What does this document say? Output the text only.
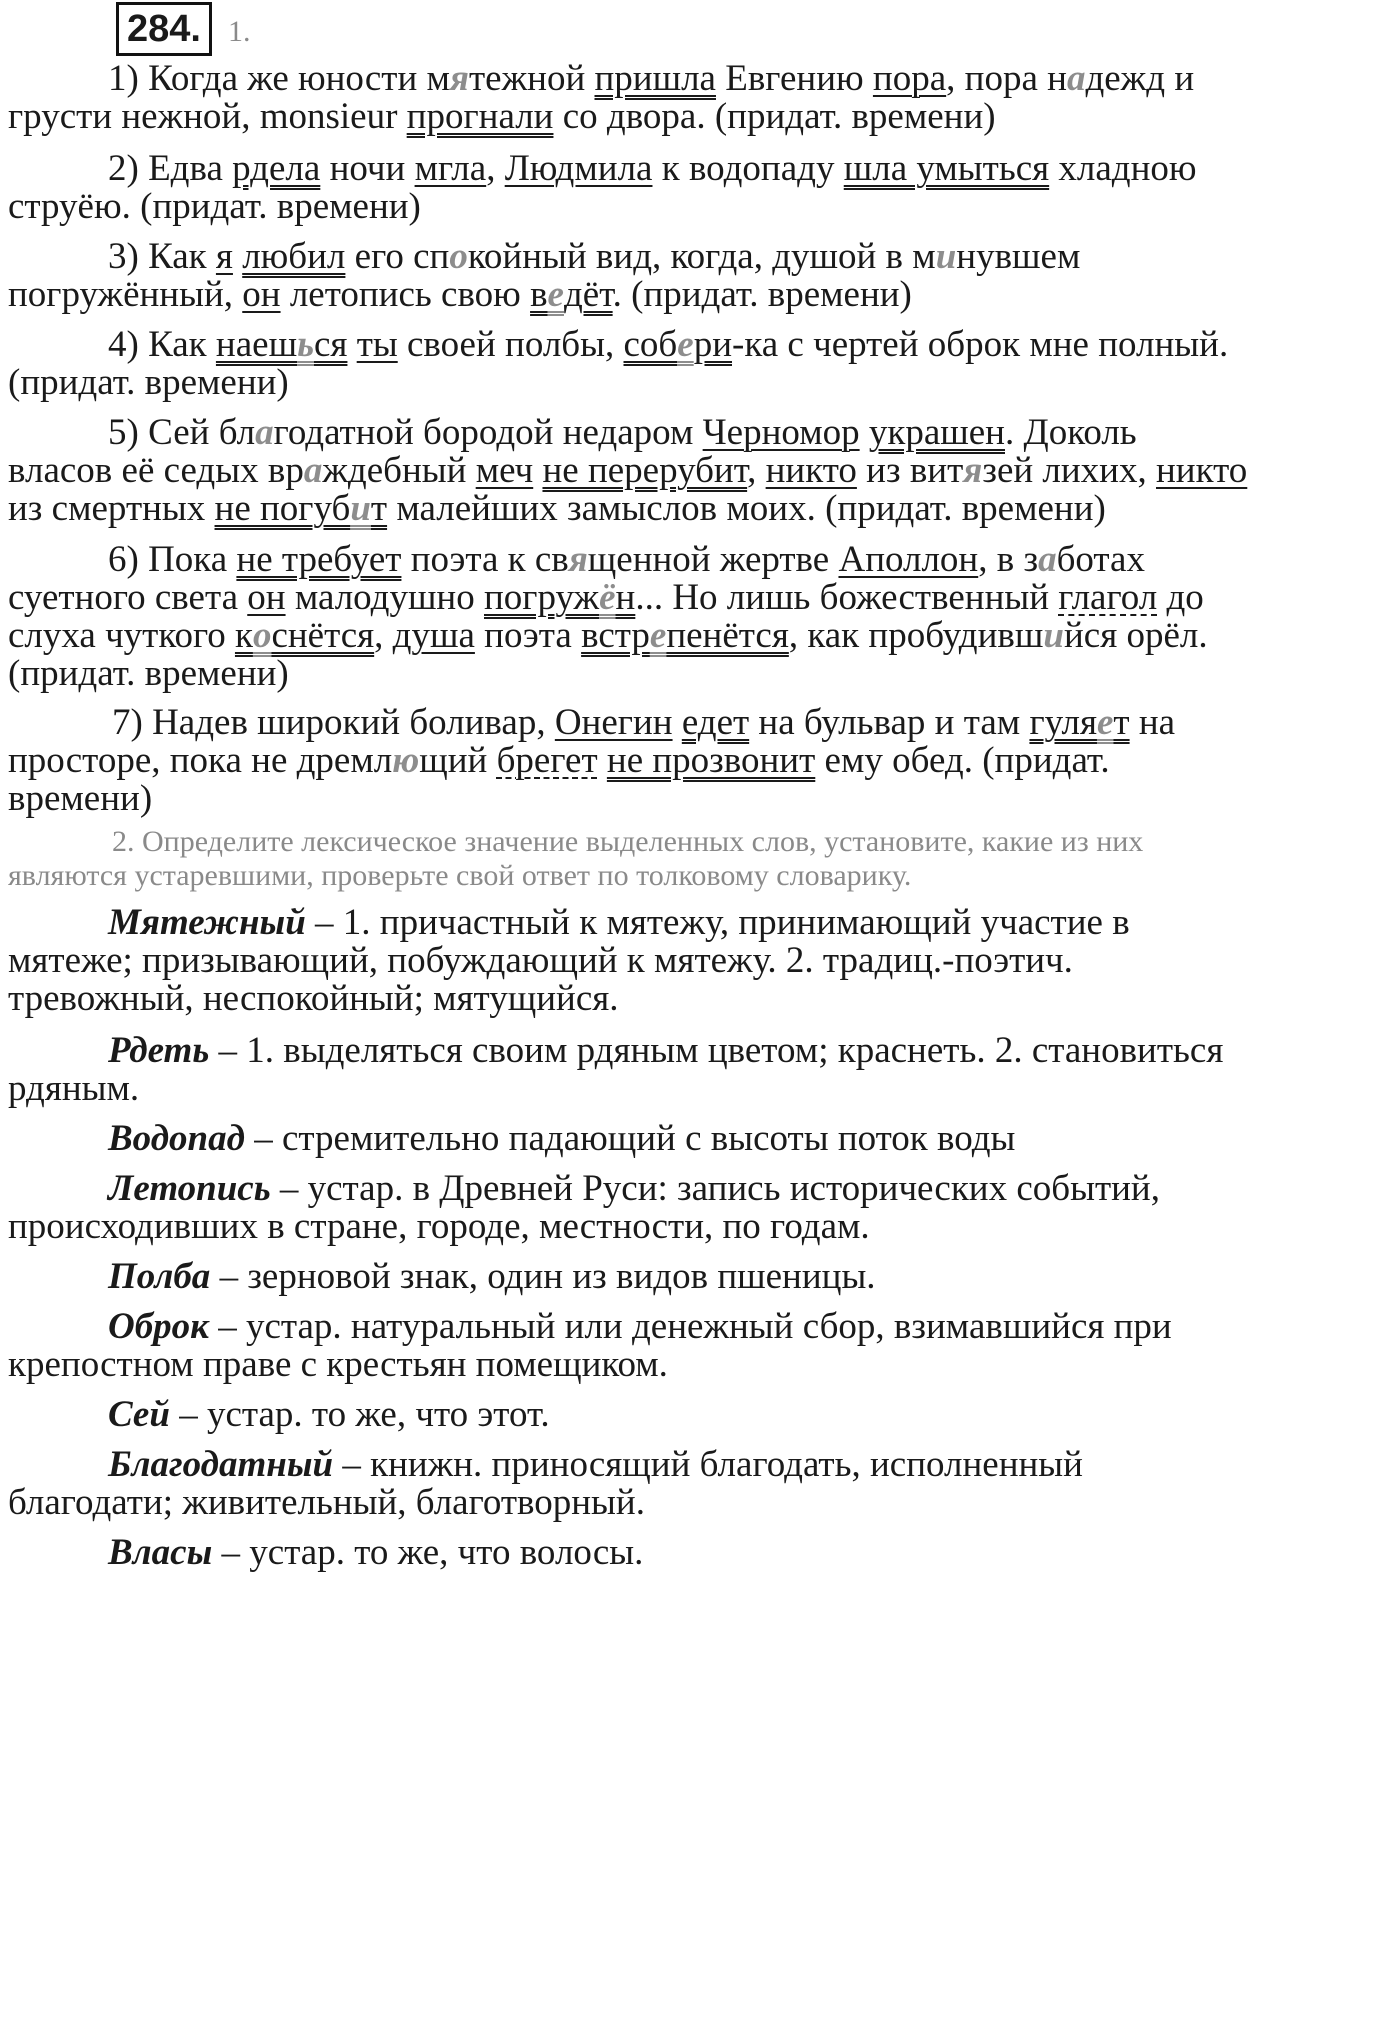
284. 1.
1) Когда же юности мятежной пришла Евгению пора, пора надежд и
грусти нежной, monsieur прогнали со двора. (придат. времени)
2) Едва рдела ночи мгла, Людмила к водопаду шла умыться хладною
струёю. (придат. времени)
3) Как я любил его спокойный вид, когда, душой в минувшем
погружённый, он летопись свою ведёт. (придат. времени)
4) Как наешься ты своей полбы, собери-ка с чертей оброк мне полный.
(придат. времени)
5) Сей благодатной бородой недаром Черномор украшен. Доколь
власов её седых враждебный меч не перерубит, никто из витязей лихих, никто
из смертных не погубит малейших замыслов моих. (придат. времени)
6) Пока не требует поэта к священной жертве Аполлон, в заботах
суетного света он малодушно погружён... Но лишь божественный глагол до
слуха чуткого коснётся, душа поэта встрепенётся, как пробудившийся орёл.
(придат. времени)
7) Надев широкий боливар, Онегин едет на бульвар и там гуляет на
просторе, пока не дремлющий брегет не прозвонит ему обед. (придат.
времени)
2. Определите лексическое значение выделенных слов, установите, какие из них
являются устаревшими, проверьте свой ответ по толковому словарику.
Мятежный – 1. причастный к мятежу, принимающий участие в
мятеже; призывающий, побуждающий к мятежу. 2. традиц.-поэтич.
тревожный, неспокойный; мятущийся.
Рдеть – 1. выделяться своим рдяным цветом; краснеть. 2. становиться
рдяным.
Водопад – стремительно падающий с высоты поток воды
Летопись – устар. в Древней Руси: запись исторических событий,
происходивших в стране, городе, местности, по годам.
Полба – зерновой знак, один из видов пшеницы.
Оброк – устар. натуральный или денежный сбор, взимавшийся при
крепостном праве с крестьян помещиком.
Сей – устар. то же, что этот.
Благодатный – книжн. приносящий благодать, исполненный
благодати; живительный, благотворный.
Власы – устар. то же, что волосы.
